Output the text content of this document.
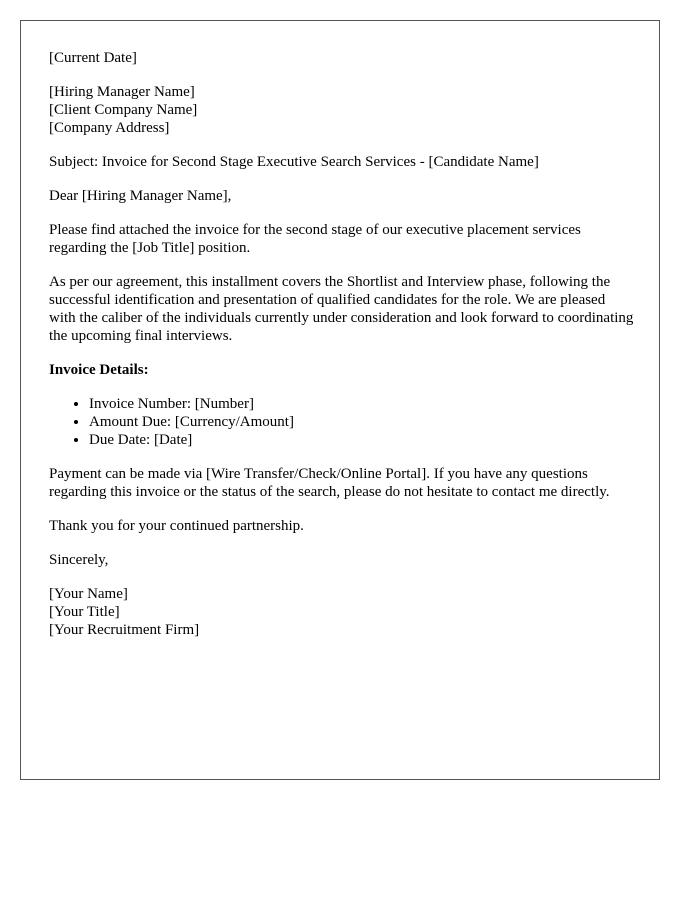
[Current Date]
[Hiring Manager Name]
[Client Company Name]
[Company Address]

Subject: Invoice for Second Stage Executive Search Services - [Candidate Name]

Dear [Hiring Manager Name],

Please find attached the invoice for the second stage of our executive placement services regarding the [Job Title] position.

As per our agreement, this installment covers the Shortlist and Interview phase, following the successful identification and presentation of qualified candidates for the role. We are pleased with the caliber of the individuals currently under consideration and look forward to coordinating the upcoming final interviews.

Invoice Details:

• Invoice Number: [Number]
• Amount Due: [Currency/Amount]
• Due Date: [Date]

Payment can be made via [Wire Transfer/Check/Online Portal]. If you have any questions regarding this invoice or the status of the search, please do not hesitate to contact me directly.

Thank you for your continued partnership.

Sincerely,

[Your Name]
[Your Title]
[Your Recruitment Firm]
